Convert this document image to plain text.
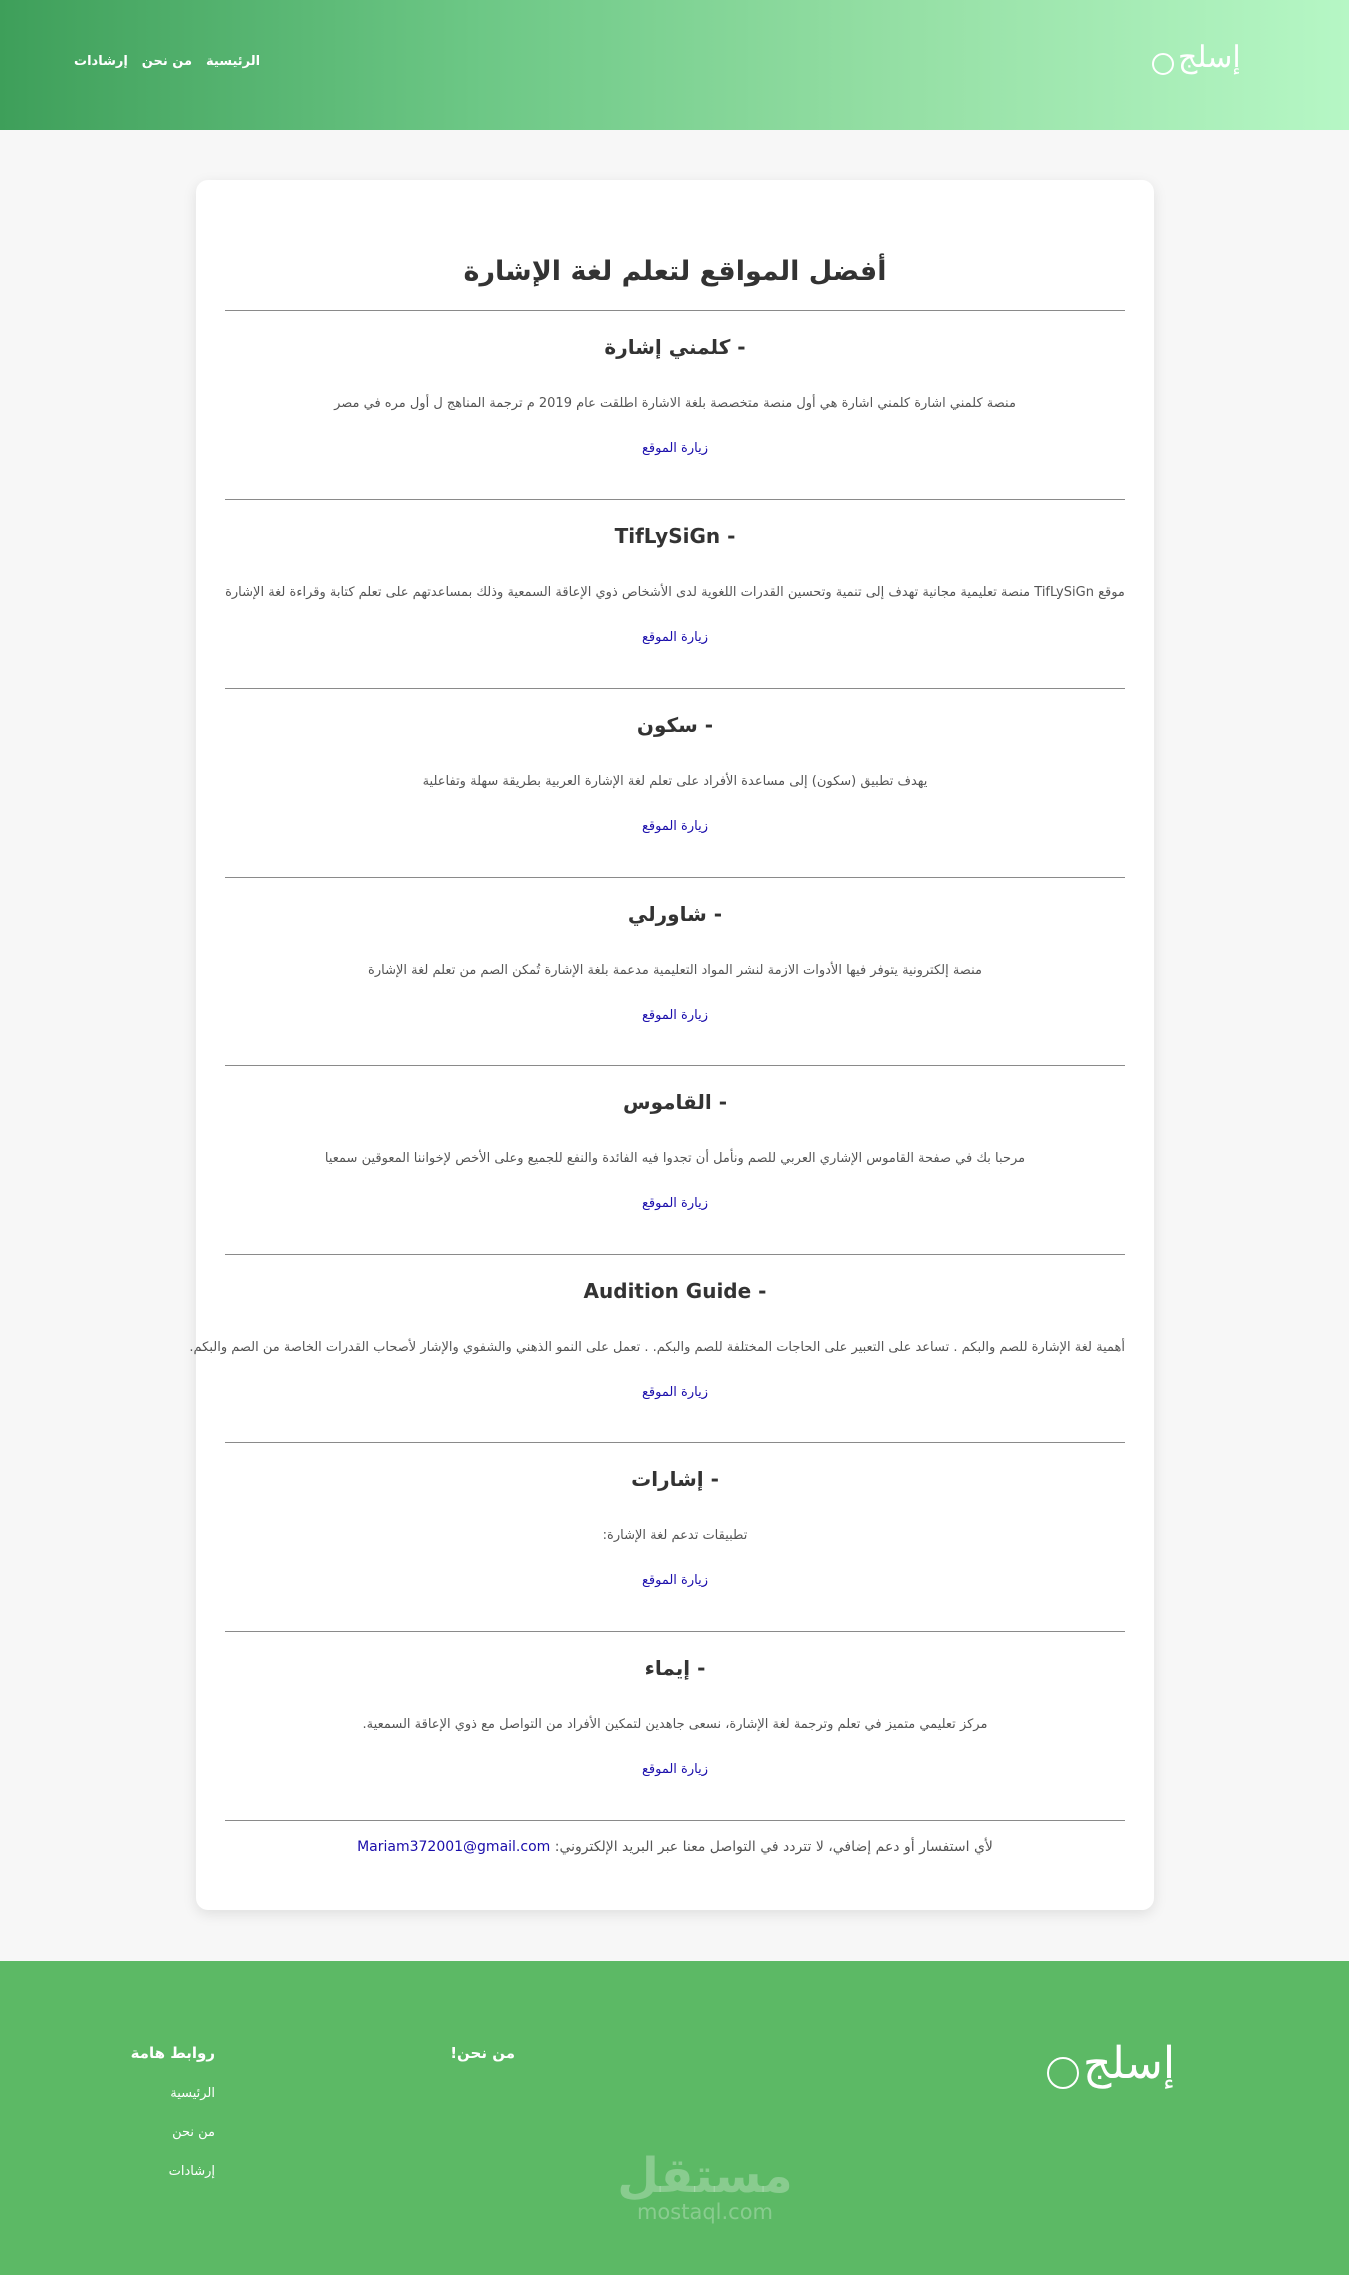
الرئيسية
من نحن
إرشادات	إسلج
أفضل المواقع لتعلم لغة الإشارة
- كلمني إشارة

منصة كلمني اشارة كلمني اشارة هي أول منصة متخصصة بلغة الاشارة اطلقت عام 2019 م ترجمة المناهج ل أول مره في مصر

زيارة الموقع
- TifLySiGn

موقع TifLySiGn منصة تعليمية مجانية تهدف إلى تنمية وتحسين القدرات اللغوية لدى الأشخاص ذوي الإعاقة السمعية وذلك بمساعدتهم على تعلم كتابة وقراءة لغة الإشارة

زيارة الموقع
- سكون

يهدف تطبيق (سكون) إلى مساعدة الأفراد على تعلم لغة الإشارة العربية بطريقة سهلة وتفاعلية

زيارة الموقع
- شاورلي

منصة إلكترونية يتوفر فيها الأدوات الازمة لنشر المواد التعليمية مدعمة بلغة الإشارة تُمكن الصم من تعلم لغة الإشارة

زيارة الموقع
- القاموس

مرحبا بك في صفحة القاموس الإشاري العربي للصم ونأمل أن تجدوا فيه الفائدة والنفع للجميع وعلى الأخص لإخواننا المعوقين سمعيا

زيارة الموقع
- Audition Guide

أهمية لغة الإشارة للصم والبكم . تساعد على التعبير على الحاجات المختلفة للصم والبكم. . تعمل على النمو الذهني والشفوي والإشار لأصحاب القدرات الخاصة من الصم والبكم.

زيارة الموقع
- إشارات

تطبيقات تدعم لغة الإشارة:

زيارة الموقع
- إيماء

مركز تعليمي متميز في تعلم وترجمة لغة الإشارة، نسعى جاهدين لتمكين الأفراد من التواصل مع ذوي الإعاقة السمعية.

زيارة الموقع
لأي استفسار أو دعم إضافي، لا تتردد في التواصل معنا عبر البريد الإلكتروني: Mariam372001@gmail.com
إسلج
من نحن!
روابط هامة
الرئيسية
من نحن
إرشادات	مستقل
mostaql.com
